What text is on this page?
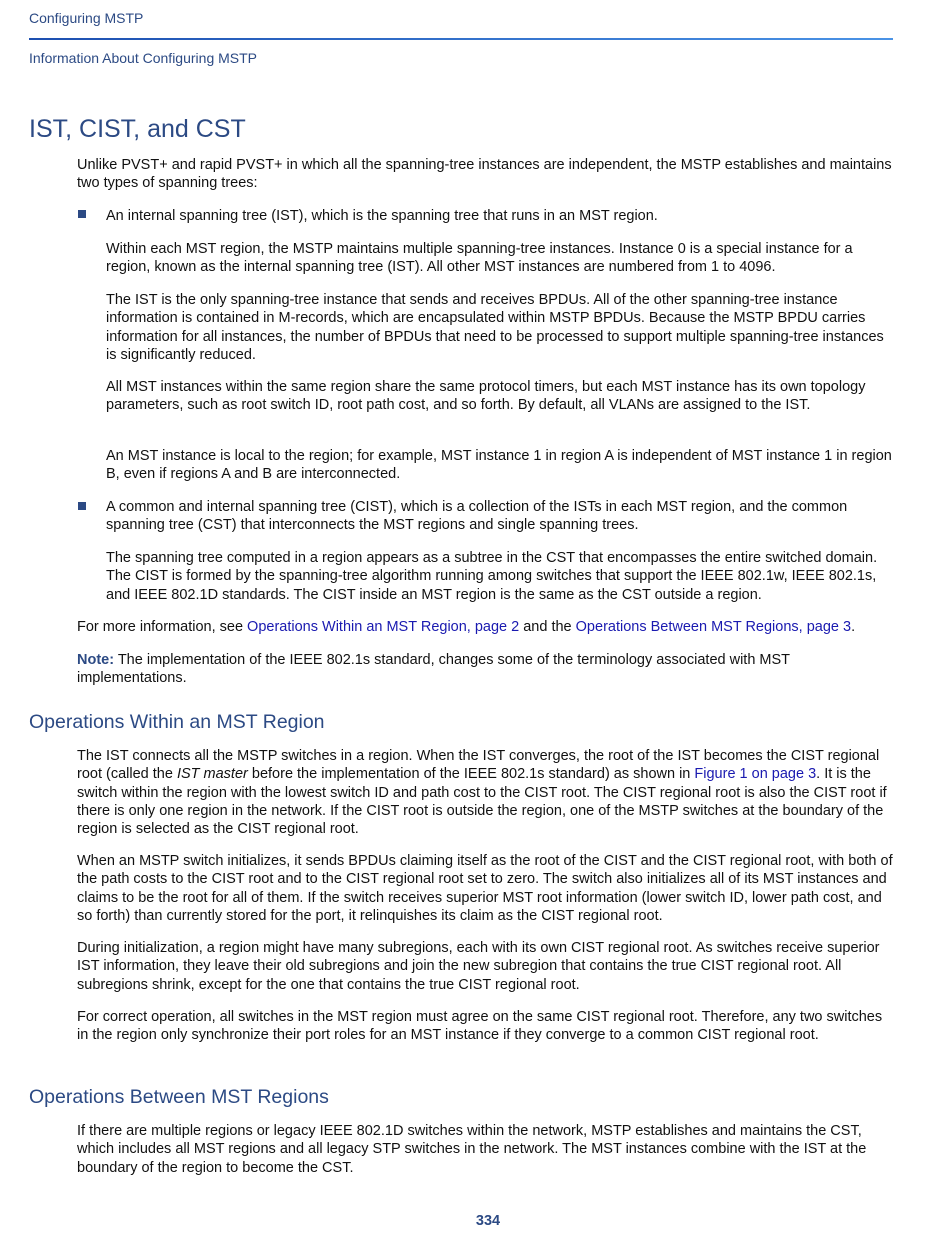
Configuring MSTP
Information About Configuring MSTP
IST, CIST, and CST

Unlike PVST+ and rapid PVST+ in which all the spanning-tree instances are independent, the MSTP establishes and maintains two types of spanning trees:

An internal spanning tree (IST), which is the spanning tree that runs in an MST region.

Within each MST region, the MSTP maintains multiple spanning-tree instances. Instance 0 is a special instance for a region, known as the internal spanning tree (IST). All other MST instances are numbered from 1 to 4096.

The IST is the only spanning-tree instance that sends and receives BPDUs. All of the other spanning-tree instance information is contained in M-records, which are encapsulated within MSTP BPDUs. Because the MSTP BPDU carries information for all instances, the number of BPDUs that need to be processed to support multiple spanning-tree instances is significantly reduced.

All MST instances within the same region share the same protocol timers, but each MST instance has its own topology parameters, such as root switch ID, root path cost, and so forth. By default, all VLANs are assigned to the IST.

An MST instance is local to the region; for example, MST instance 1 in region A is independent of MST instance 1 in region B, even if regions A and B are interconnected.

A common and internal spanning tree (CIST), which is a collection of the ISTs in each MST region, and the common spanning tree (CST) that interconnects the MST regions and single spanning trees.

The spanning tree computed in a region appears as a subtree in the CST that encompasses the entire switched domain. The CIST is formed by the spanning-tree algorithm running among switches that support the IEEE 802.1w, IEEE 802.1s, and IEEE 802.1D standards. The CIST inside an MST region is the same as the CST outside a region.

For more information, see Operations Within an MST Region, page 2 and the Operations Between MST Regions, page 3.

Note: The implementation of the IEEE 802.1s standard, changes some of the terminology associated with MST implementations.

Operations Within an MST Region

The IST connects all the MSTP switches in a region. When the IST converges, the root of the IST becomes the CIST regional root (called the IST master before the implementation of the IEEE 802.1s standard) as shown in Figure 1 on page 3. It is the switch within the region with the lowest switch ID and path cost to the CIST root. The CIST regional root is also the CIST root if there is only one region in the network. If the CIST root is outside the region, one of the MSTP switches at the boundary of the region is selected as the CIST regional root.

When an MSTP switch initializes, it sends BPDUs claiming itself as the root of the CIST and the CIST regional root, with both of the path costs to the CIST root and to the CIST regional root set to zero. The switch also initializes all of its MST instances and claims to be the root for all of them. If the switch receives superior MST root information (lower switch ID, lower path cost, and so forth) than currently stored for the port, it relinquishes its claim as the CIST regional root.

During initialization, a region might have many subregions, each with its own CIST regional root. As switches receive superior IST information, they leave their old subregions and join the new subregion that contains the true CIST regional root. All subregions shrink, except for the one that contains the true CIST regional root.

For correct operation, all switches in the MST region must agree on the same CIST regional root. Therefore, any two switches in the region only synchronize their port roles for an MST instance if they converge to a common CIST regional root.

Operations Between MST Regions

If there are multiple regions or legacy IEEE 802.1D switches within the network, MSTP establishes and maintains the CST, which includes all MST regions and all legacy STP switches in the network. The MST instances combine with the IST at the boundary of the region to become the CST.

334
